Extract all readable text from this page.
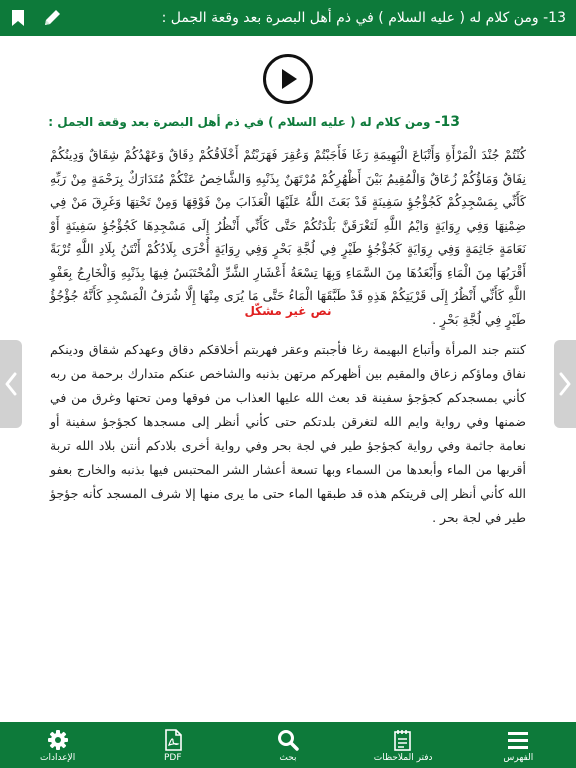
13- ومن كلام له ( عليه السلام ) في ذم أهل البصرة بعد وقعة الجمل :
13- ومن كلام له ( عليه السلام ) في ذم أهل البصرة بعد وقعة الجمل :
كُنْتُمْ جُنْدَ الْمَرْأَةِ وَأَتْبَاعَ الْبَهِيمَةِ رَغَا فَأَجَبْتُمْ وَعُقِرَ فَهَرَبْتُمْ أَخْلَاقُكُمْ دِقَاقٌ وَعَهْدُكُمْ شِقَاقٌ وَدِينُكُمْ نِفَاقٌ وَمَاؤُكُمْ زُعَاقٌ وَالْمُقِيمُ بَيْنَ أَظْهُرِكُمْ مُرْتَهَنٌ بِذَنْبِهِ وَالشَّاخِصُ عَنْكُمْ مُتَدَارَكٌ بِرَحْمَةٍ مِنْ رَبِّهِ كَأَنِّي بِمَسْجِدِكُمْ كَجُؤْجُؤِ سَفِينَةٍ قَدْ بَعَثَ اللَّهُ عَلَيْهَا الْعَذَابَ مِنْ فَوْقِهَا وَمِنْ تَحْتِهَا وَغَرِقَ مَنْ فِي ضِمْنِهَا وَفِي رِوَايَةٍ وَايْمُ اللَّهِ لَتَغْرَقَنَّ بَلْدَتُكُمْ حَتَّى كَأَنِّي أَنْظُرُ إِلَى مَسْجِدِهَا كَجُؤْجُؤِ سَفِينَةٍ أَوْ نَعَامَةٍ جَاثِمَةٍ وَفِي رِوَايَةٍ كَجُؤْجُؤِ طَيْرٍ فِي لُجَّةِ بَحْرٍ وَفِي رِوَايَةٍ أُخْرَى بِلَادُكُمْ أَنْتَنُ بِلَادِ اللَّهِ تُرْبَةً أَقْرَبُهَا مِنَ الْمَاءِ وَأَبْعَدُهَا مِنَ السَّمَاءِ وَبِهَا تِسْعَةُ أَعْشَارِ الشَّرِّ الْمُحْتَبَسُ فِيهَا بِذَنْبِهِ وَالْخَارِجُ بِعَفْوِ اللَّهِ كَأَنِّي أَنْظُرُ إِلَى قَرْيَتِكُمْ هَذِهِ قَدْ طَبَّقَهَا الْمَاءُ حَتَّى مَا يُرَى مِنْهَا إِلَّا شُرَفُ الْمَسْجِدِ كَأَنَّهُ جُؤْجُؤُ طَيْرٍ فِي لُجَّةِ بَحْرٍ .
نص غير مشكّل
كنتم جند المرأة وأتباع البهيمة رغا فأجبتم وعقر فهربتم أخلاقكم دقاق وعهدكم شقاق ودينكم نفاق وماؤكم زعاق والمقيم بين أظهركم مرتهن بذنبه والشاخص عنكم متدارك برحمة من ربه كأني بمسجدكم كجؤجؤ سفينة قد بعث الله عليها العذاب من فوقها ومن تحتها وغرق من في ضمنها وفي رواية وايم الله لتغرقن بلدتكم حتى كأني أنظر إلى مسجدها كجؤجؤ سفينة أو نعامة جاثمة وفي رواية كجؤجؤ طير في لجة بحر وفي رواية أخرى بلادكم أنتن بلاد الله تربة أقربها من الماء وأبعدها من السماء وبها تسعة أعشار الشر المحتبس فيها بذنبه والخارج بعفو الله كأني أنظر إلى قريتكم هذه قد طبقها الماء حتى ما يرى منها إلا شرف المسجد كأنه جؤجؤ طير في لجة بحر .
الإعدادات	PDF	بحث	دفتر الملاحظات	الفهرس
